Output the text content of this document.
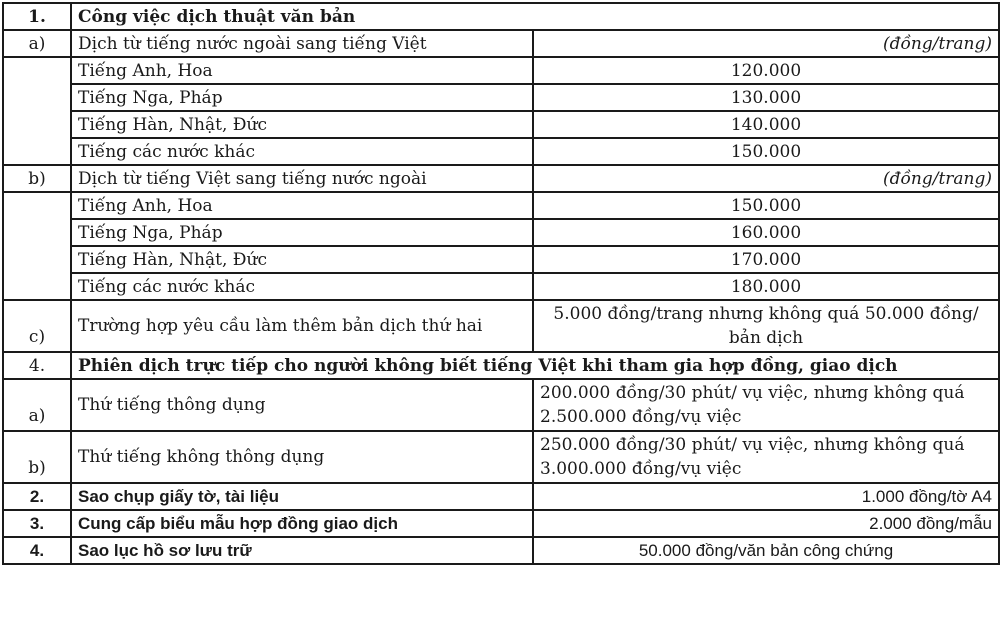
1.	Công việc dịch thuật văn bản	
a)	Dịch từ tiếng nước ngoài sang tiếng Việt	(đồng/trang)
	Tiếng Anh, Hoa	120.000
	Tiếng Nga, Pháp	130.000
	Tiếng Hàn, Nhật, Đức	140.000
	Tiếng các nước khác	150.000
b)	Dịch từ tiếng Việt sang tiếng nước ngoài	(đồng/trang)
	Tiếng Anh, Hoa	150.000
	Tiếng Nga, Pháp	160.000
	Tiếng Hàn, Nhật, Đức	170.000
	Tiếng các nước khác	180.000
c)	Trường hợp yêu cầu làm thêm bản dịch thứ hai	5.000 đồng/trang nhưng không quá 50.000 đồng/ bản dịch
4.	Phiên dịch trực tiếp cho người không biết tiếng Việt khi tham gia hợp đồng, giao dịch	
a)	Thứ tiếng thông dụng	200.000 đồng/30 phút/ vụ việc, nhưng không quá 2.500.000 đồng/vụ việc
b)	Thứ tiếng không thông dụng	250.000 đồng/30 phút/ vụ việc, nhưng không quá 3.000.000 đồng/vụ việc
2.	Sao chụp giấy tờ, tài liệu	1.000 đồng/tờ A4
3.	Cung cấp biểu mẫu hợp đồng giao dịch	2.000 đồng/mẫu
4.	Sao lục hồ sơ lưu trữ	50.000 đồng/văn bản công chứng
